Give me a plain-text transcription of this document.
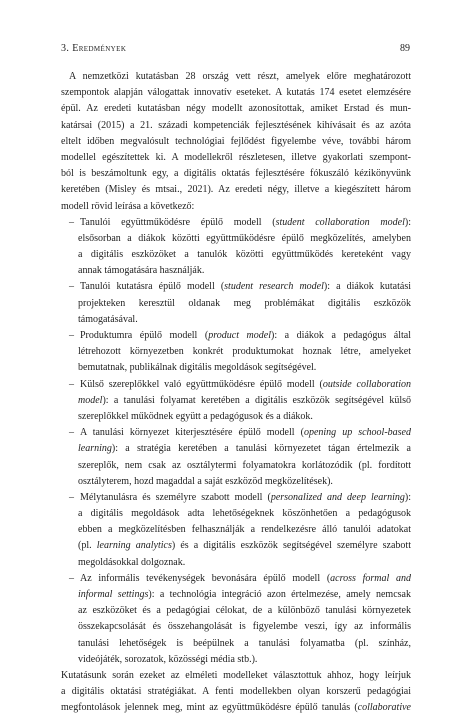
3. Eredmények	89
A nemzetközi kutatásban 28 ország vett részt, amelyek előre meghatározott
szempontok alapján válogattak innovatív eseteket. A kutatás 174 esetet elemzésére
épül. Az eredeti kutatásban négy modellt azonosítottak, amiket Erstad és mun-
katársai (2015) a 21. századi kompetenciák fejlesztésének kihívásait és az azóta
eltelt időben megvalósult technológiai fejlődést figyelembe véve, további három
modellel egészítettek ki. A modellekről részletesen, illetve gyakorlati szempont-
ból is beszámoltunk egy, a digitális oktatás fejlesztésére fókuszáló kézikönyvünk
keretében (Misley és mtsai., 2021). Az eredeti négy, illetve a kiegészített három
modell rövid leírása a következő:
– Tanulói együttműködésre épülő modell (student collaboration model):
elsősorban a diákok közötti együttműködésre épülő megközelítés, amelyben
a digitális eszközöket a tanulók közötti együttműködés kereteként vagy
annak támogatására használják.
– Tanulói kutatásra épülő modell (student research model): a diákok kutatási
projekteken keresztül oldanak meg problémákat digitális eszközök
támogatásával.
– Produktumra épülő modell (product model): a diákok a pedagógus által
létrehozott környezetben konkrét produktumokat hoznak létre, amelyeket
bemutatnak, publikálnak digitális megoldások segítségével.
– Külső szereplőkkel való együttműködésre épülő modell (outside collaboration
model): a tanulási folyamat keretében a digitális eszközök segítségével külső
szereplőkkel működnek együtt a pedagógusok és a diákok.
– A tanulási környezet kiterjesztésére épülő modell (opening up school-based
learning): a stratégia keretében a tanulási környezetet tágan értelmezik a
szereplők, nem csak az osztálytermi folyamatokra korlátozódik (pl. fordított
osztályterem, hozd magaddal a saját eszközöd megközelítések).
– Mélytanulásra és személyre szabott modell (personalized and deep learning):
a digitális megoldások adta lehetőségeknek köszönhetően a pedagógusok
ebben a megközelítésben felhasználják a rendelkezésre álló tanulói adatokat
(pl. learning analytics) és a digitális eszközök segítségével személyre szabott
megoldásokkal dolgoznak.
– Az informális tevékenységek bevonására épülő modell (across formal and
informal settings): a technológia integráció azon értelmezése, amely nemcsak
az eszközöket és a pedagógiai célokat, de a különböző tanulási környezetek
összekapcsolását és összehangolását is figyelembe veszi, így az informális
tanulási lehetőségek is beépülnek a tanulási folyamatba (pl. színház,
videójáték, sorozatok, közösségi média stb.).
Kutatásunk során ezeket az elméleti modelleket választottuk ahhoz, hogy leírjuk
a digitális oktatási stratégiákat. A fenti modellekben olyan korszerű pedagógiai
megfontolások jelennek meg, mint az együttműködésre épülő tanulás (collaborative
